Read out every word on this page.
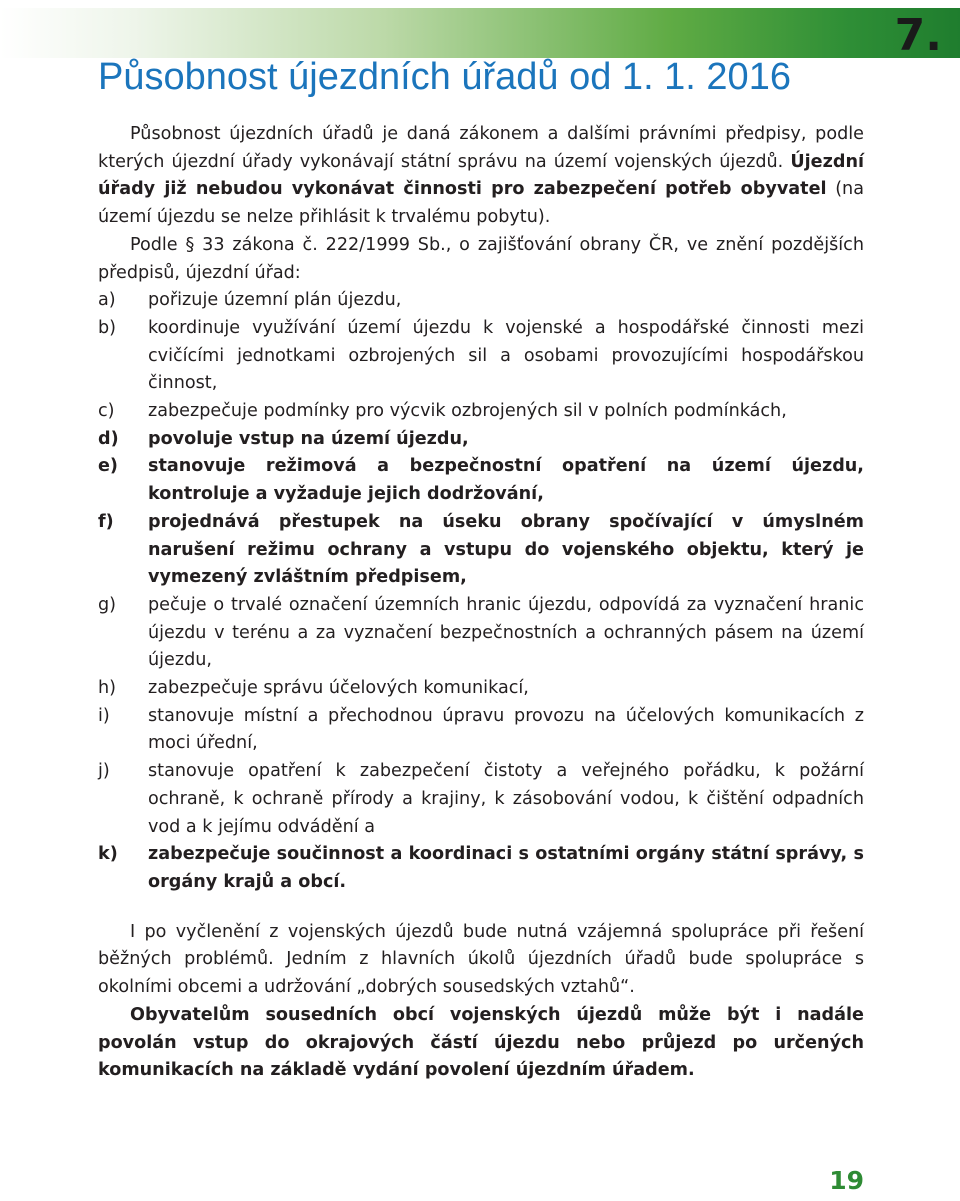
7.
Působnost újezdních úřadů od 1. 1. 2016

Působnost újezdních úřadů je daná zákonem a dalšími právními předpisy, podle kterých újezdní úřady vykonávají státní správu na území vojenských újezdů. Újezdní úřady již nebudou vykonávat činnosti pro zabezpečení potřeb obyvatel (na území újezdu se nelze přihlásit k trvalému pobytu).

Podle § 33 zákona č. 222/1999 Sb., o zajišťování obrany ČR, ve znění pozdějších předpisů, újezdní úřad:

a)	pořizuje územní plán újezdu,
b)	koordinuje využívání území újezdu k vojenské a hospodářské činnosti mezi cvičícími jednotkami ozbrojených sil a osobami provozujícími hospodářskou činnost,
c)	zabezpečuje podmínky pro výcvik ozbrojených sil v polních podmínkách,
d)	povoluje vstup na území újezdu,
e)	stanovuje režimová a bezpečnostní opatření na území újezdu, kontroluje a vyžaduje jejich dodržování,
f)	projednává přestupek na úseku obrany spočívající v úmyslném narušení režimu ochrany a vstupu do vojenského objektu, který je vymezený zvláštním předpisem,
g)	pečuje o trvalé označení územních hranic újezdu, odpovídá za vyznačení hranic újezdu v terénu a za vyznačení bezpečnostních a ochranných pásem na území újezdu,
h)	zabezpečuje správu účelových komunikací,
i)	stanovuje místní a přechodnou úpravu provozu na účelových komunikacích z moci úřední,
j)	stanovuje opatření k zabezpečení čistoty a veřejného pořádku, k požární ochraně, k ochraně přírody a krajiny, k zásobování vodou, k čištění odpadních vod a k jejímu odvádění a
k)	zabezpečuje součinnost a koordinaci s ostatními orgány státní správy, s orgány krajů a obcí.

I po vyčlenění z vojenských újezdů bude nutná vzájemná spolupráce při řešení běžných problémů. Jedním z hlavních úkolů újezdních úřadů bude spolupráce s okolními obcemi a udržování „dobrých sousedských vztahů“.

Obyvatelům sousedních obcí vojenských újezdů může být i nadále povolán vstup do okrajových částí újezdu nebo průjezd po určených komunikacích na základě vydání povolení újezdním úřadem.

19
